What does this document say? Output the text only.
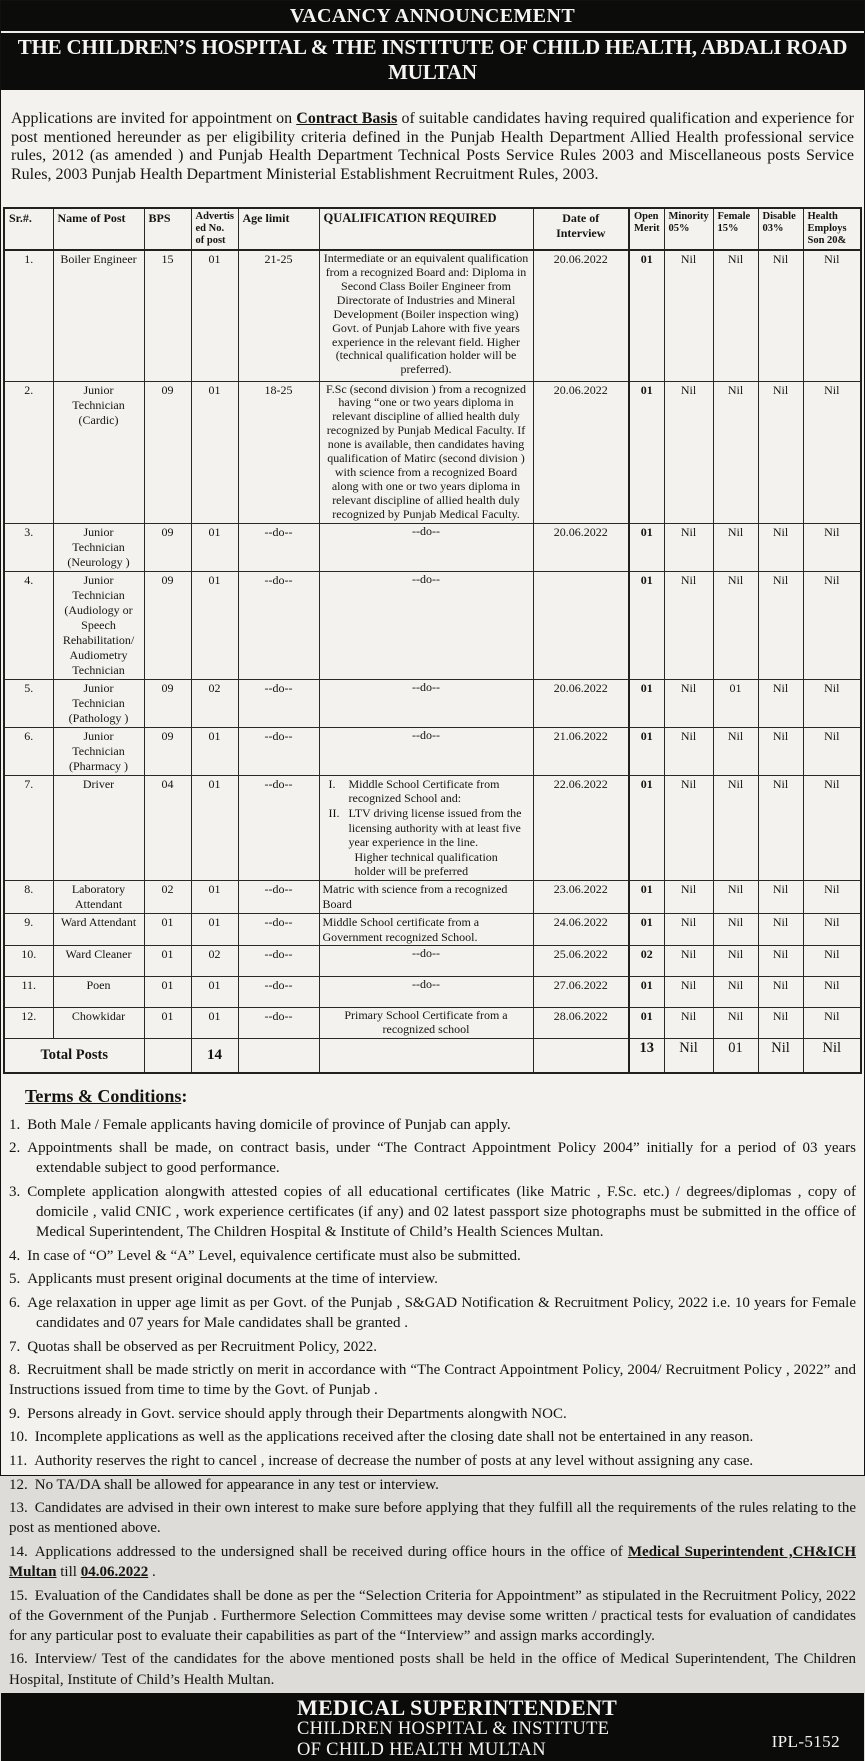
VACANCY ANNOUNCEMENT
THE CHILDREN’S HOSPITAL & THE INSTITUTE OF CHILD HEALTH, ABDALI ROAD MULTAN

Applications are invited for appointment on Contract Basis of suitable candidates having required qualification and experience for post mentioned hereunder as per eligibility criteria defined in the Punjab Health Department Allied Health professional service rules, 2012 (as amended ) and Punjab Health Department Technical Posts Service Rules 2003 and Miscellaneous posts Service Rules, 2003 Punjab Health Department Ministerial Establishment Recruitment Rules, 2003.

Sr.#.	Name of Post	BPS	Advertis ed No. of post	Age limit	QUALIFICATION REQUIRED	Date of Interview	Open Merit	Minority 05%	Female 15%	Disable 03%	Health Employs Son 20&
1.	Boiler Engineer	15	01	21-25	Intermediate or an equivalent qualification from a recognized Board and: Diploma in Second Class Boiler Engineer from Directorate of Industries and Mineral Development (Boiler inspection wing) Govt. of Punjab Lahore with five years experience in the relevant field. Higher (technical qualification holder will be preferred).	20.06.2022	01	Nil	Nil	Nil	Nil
2.	Junior Technician (Cardic)	09	01	18-25	F.Sc (second division ) from a recognized having “one or two years diploma in relevant discipline of allied health duly recognized by Punjab Medical Faculty. If none is available, then candidates having qualification of Matirc (second division ) with science from a recognized Board along with one or two years diploma in relevant discipline of allied health duly recognized by Punjab Medical Faculty.	20.06.2022	01	Nil	Nil	Nil	Nil
3.	Junior Technician (Neurology )	09	01	--do--	--do--	20.06.2022	01	Nil	Nil	Nil	Nil
4.	Junior Technician (Audiology or Speech Rehabilitation/ Audiometry Technician	09	01	--do--	--do--		01	Nil	Nil	Nil	Nil
5.	Junior Technician (Pathology )	09	02	--do--	--do--	20.06.2022	01	Nil	01	Nil	Nil
6.	Junior Technician (Pharmacy )	09	01	--do--	--do--	21.06.2022	01	Nil	Nil	Nil	Nil
7.	Driver	04	01	--do--	I. Middle School Certificate from recognized School and:
II. LTV driving license issued from the licensing authority with at least five year experience in the line.
Higher technical qualification holder will be preferred	22.06.2022	01	Nil	Nil	Nil	Nil
8.	Laboratory Attendant	02	01	--do--	Matric with science from a recognized Board	23.06.2022	01	Nil	Nil	Nil	Nil
9.	Ward Attendant	01	01	--do--	Middle School certificate from a Government recognized School.	24.06.2022	01	Nil	Nil	Nil	Nil
10.	Ward Cleaner	01	02	--do--	--do--	25.06.2022	02	Nil	Nil	Nil	Nil
11.	Poen	01	01	--do--	--do--	27.06.2022	01	Nil	Nil	Nil	Nil
12.	Chowkidar	01	01	--do--	Primary School Certificate from a recognized school	28.06.2022	01	Nil	Nil	Nil	Nil
Total Posts			14				13	Nil	01	Nil	Nil
Terms & Conditions:
1. Both Male / Female applicants having domicile of province of Punjab can apply.
2. Appointments shall be made, on contract basis, under “The Contract Appointment Policy 2004” initially for a period of 03 years extendable subject to good performance.
3. Complete application alongwith attested copies of all educational certificates (like Matric , F.Sc. etc.) / degrees/diplomas , copy of domicile , valid CNIC , work experience certificates (if any) and 02 latest passport size photographs must be submitted in the office of Medical Superintendent, The Children Hospital & Institute of Child’s Health Sciences Multan.
4. In case of “O” Level & “A” Level, equivalence certificate must also be submitted.
5. Applicants must present original documents at the time of interview.
6. Age relaxation in upper age limit as per Govt. of the Punjab , S&GAD Notification & Recruitment Policy, 2022 i.e. 10 years for Female candidates and 07 years for Male candidates shall be granted .
7. Quotas shall be observed as per Recruitment Policy, 2022.
8. Recruitment shall be made strictly on merit in accordance with “The Contract Appointment Policy, 2004/ Recruitment Policy , 2022” and Instructions issued from time to time by the Govt. of Punjab .
9. Persons already in Govt. service should apply through their Departments alongwith NOC.
10. Incomplete applications as well as the applications received after the closing date shall not be entertained in any reason.
11. Authority reserves the right to cancel , increase of decrease the number of posts at any level without assigning any case.
12. No TA/DA shall be allowed for appearance in any test or interview.
13. Candidates are advised in their own interest to make sure before applying that they fulfill all the requirements of the rules relating to the post as mentioned above.
14. Applications addressed to the undersigned shall be received during office hours in the office of Medical Superintendent ,CH&ICH Multan till 04.06.2022 .
15. Evaluation of the Candidates shall be done as per the “Selection Criteria for Appointment” as stipulated in the Recruitment Policy, 2022 of the Government of the Punjab . Furthermore Selection Committees may devise some written / practical tests for evaluation of candidates for any particular post to evaluate their capabilities as part of the “Interview” and assign marks accordingly.
16. Interview/ Test of the candidates for the above mentioned posts shall be held in the office of Medical Superintendent, The Children Hospital, Institute of Child’s Health Multan.
MEDICAL SUPERINTENDENT
CHILDREN HOSPITAL & INSTITUTE
OF CHILD HEALTH MULTAN	IPL-5152
